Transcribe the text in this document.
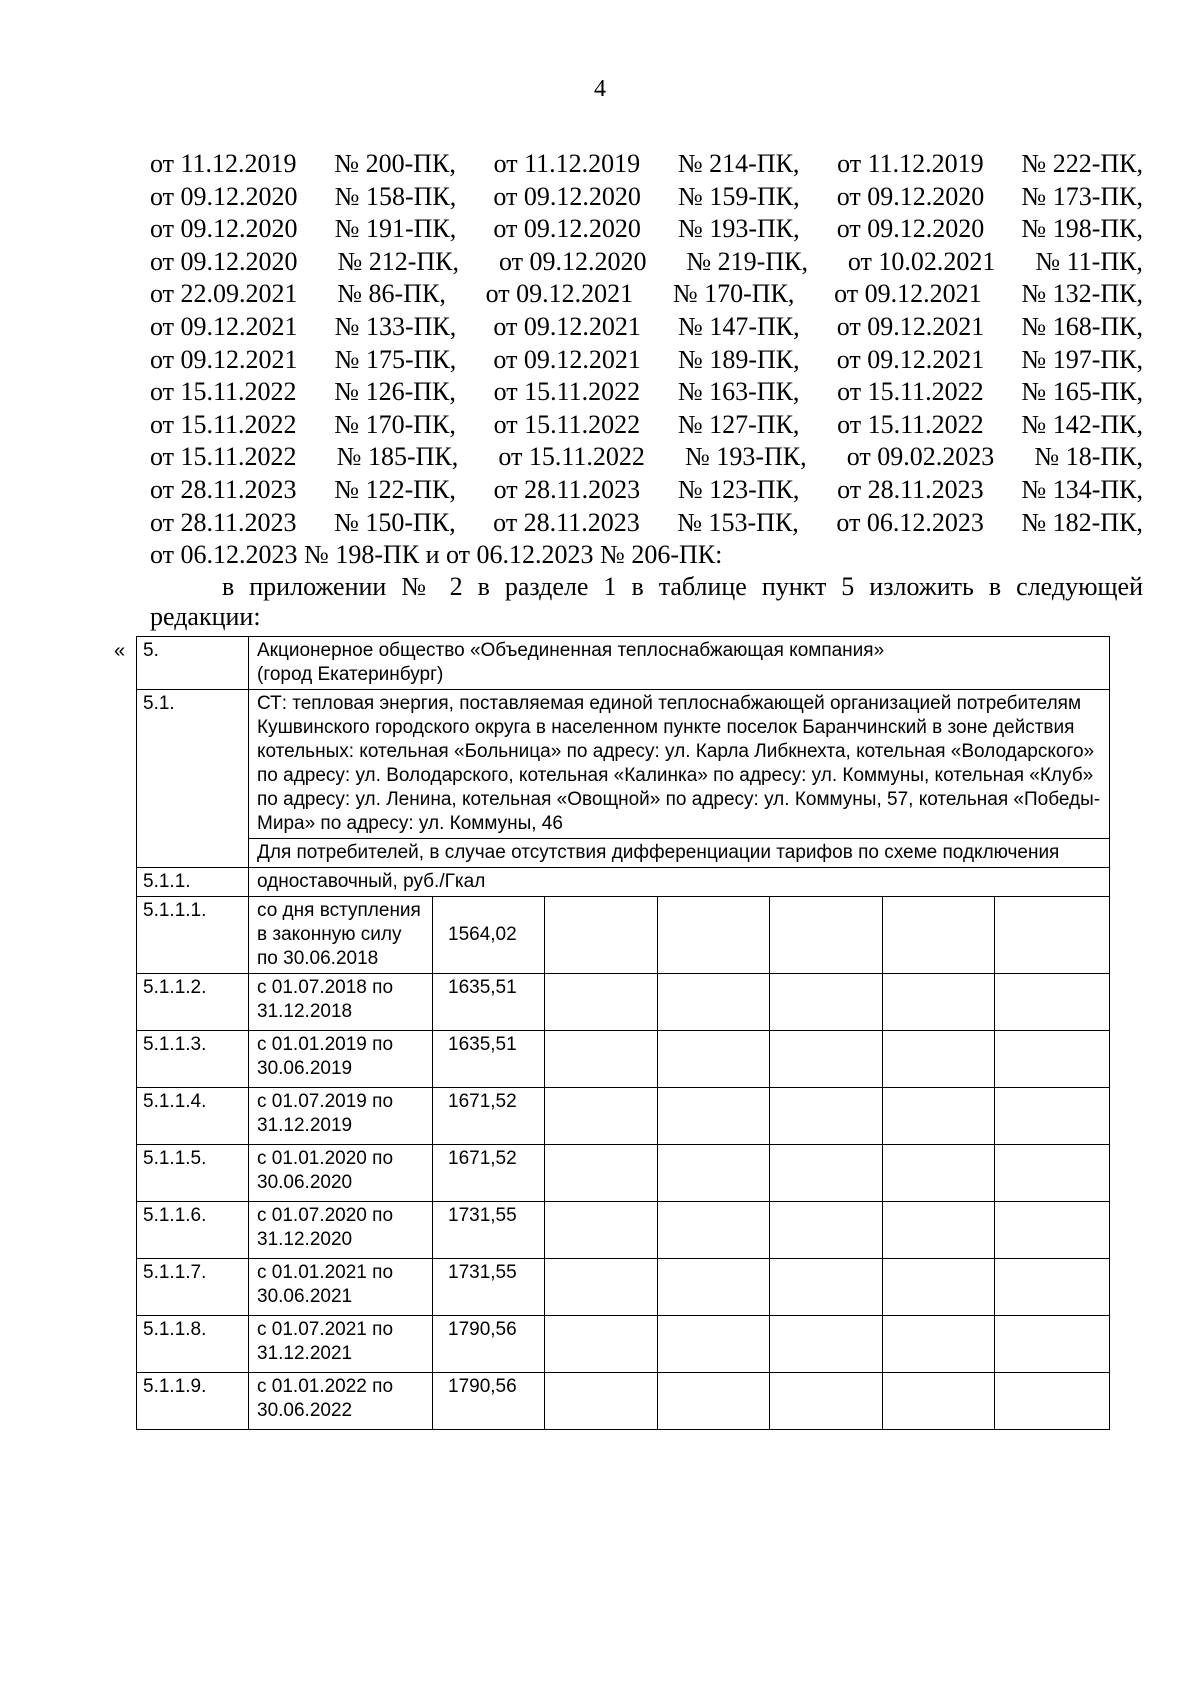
4
от 11.12.2019 № 200-ПК, от 11.12.2019 № 214-ПК, от 11.12.2019 № 222-ПК,
от 09.12.2020 № 158-ПК, от 09.12.2020 № 159-ПК, от 09.12.2020 № 173-ПК,
от 09.12.2020 № 191-ПК, от 09.12.2020 № 193-ПК, от 09.12.2020 № 198-ПК,
от 09.12.2020 № 212-ПК, от 09.12.2020 № 219-ПК, от 10.02.2021 № 11-ПК,
от 22.09.2021 № 86-ПК, от 09.12.2021 № 170-ПК, от 09.12.2021 № 132-ПК,
от 09.12.2021 № 133-ПК, от 09.12.2021 № 147-ПК, от 09.12.2021 № 168-ПК,
от 09.12.2021 № 175-ПК, от 09.12.2021 № 189-ПК, от 09.12.2021 № 197-ПК,
от 15.11.2022 № 126-ПК, от 15.11.2022 № 163-ПК, от 15.11.2022 № 165-ПК,
от 15.11.2022 № 170-ПК, от 15.11.2022 № 127-ПК, от 15.11.2022 № 142-ПК,
от 15.11.2022 № 185-ПК, от 15.11.2022 № 193-ПК, от 09.02.2023 № 18-ПК,
от 28.11.2023 № 122-ПК, от 28.11.2023 № 123-ПК, от 28.11.2023 № 134-ПК,
от 28.11.2023 № 150-ПК, от 28.11.2023 № 153-ПК, от 06.12.2023 № 182-ПК,
от 06.12.2023 № 198-ПК и от 06.12.2023 № 206-ПК:
в приложении № 2 в разделе 1 в таблице пункт 5 изложить в следующей
редакции:
« 5.	Акционерное общество «Объединенная теплоснабжающая компания»
(город Екатеринбург)						

5.1.	СТ: тепловая энергия, поставляемая единой теплоснабжающей организацией потребителям Кушвинского городского округа в населенном пункте поселок Баранчинский в зоне действия котельных: котельная «Больница» по адресу: ул. Карла Либкнехта, котельная «Володарского» по адресу: ул. Володарского, котельная «Калинка» по адресу: ул. Коммуны, котельная «Клуб» по адресу: ул. Ленина, котельная «Овощной» по адресу: ул. Коммуны, 57, котельная «Победы-Мира» по адресу: ул. Коммуны, 46						
	Для потребителей, в случае отсутствия дифференциации тарифов по схеме подключения						
5.1.1.	одноставочный, руб./Гкал						
5.1.1.1.	со дня вступления в законную силу по 30.06.2018	1564,02					
5.1.1.2.	с 01.07.2018 по 31.12.2018	1635,51					
5.1.1.3.	с 01.01.2019 по 30.06.2019	1635,51					
5.1.1.4.	с 01.07.2019 по 31.12.2019	1671,52					
5.1.1.5.	с 01.01.2020 по 30.06.2020	1671,52					
5.1.1.6.	с 01.07.2020 по 31.12.2020	1731,55					
5.1.1.7.	с 01.01.2021 по 30.06.2021	1731,55					
5.1.1.8.	с 01.07.2021 по 31.12.2021	1790,56					
5.1.1.9.	с 01.01.2022 по 30.06.2022	1790,56					
